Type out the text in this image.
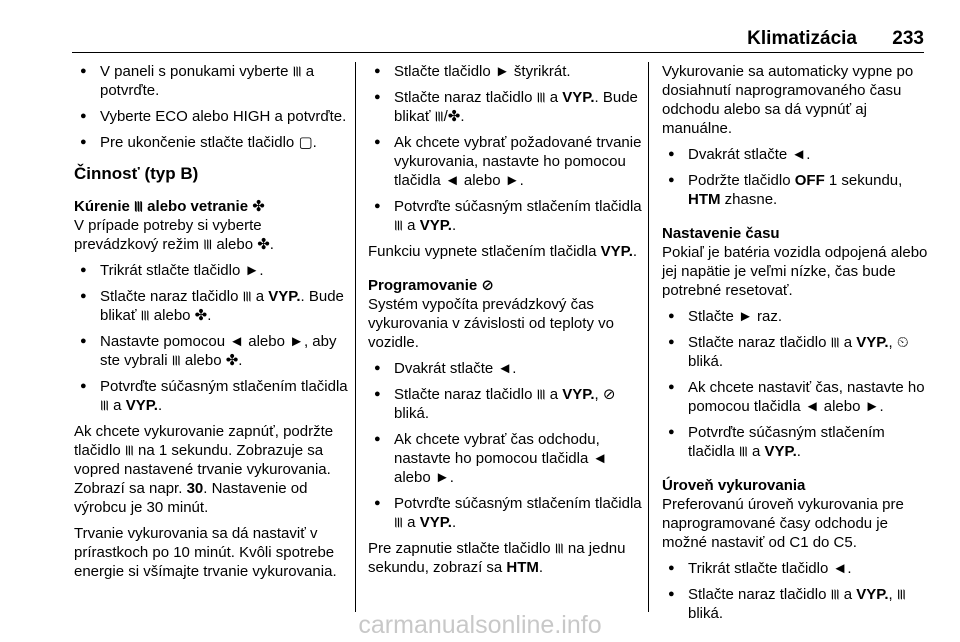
Klimatizácia 233
● V paneli s ponukami vyberte ꠲ a potvrďte.
● Vyberte ECO alebo HIGH a potvrďte.
● Pre ukončenie stlačte tlačidlo ▢.
Činnosť (typ B)
Kúrenie ꠲ alebo vetranie ✤

V prípade potreby si vyberte prevádzkový režim ꠲ alebo ✤.

● Trikrát stlačte tlačidlo ►.
● Stlačte naraz tlačidlo ꠲ a VYP.. Bude blikať ꠲ alebo ✤.
● Nastavte pomocou ◄ alebo ►, aby ste vybrali ꠲ alebo ✤.
● Potvrďte súčasným stlačením tlačidla ꠲ a VYP..

Ak chcete vykurovanie zapnúť, podržte tlačidlo ꠲ na 1 sekundu. Zobrazuje sa vopred nastavené trvanie vykurovania. Zobrazí sa napr. 30. Nastavenie od výrobcu je 30 minút.

Trvanie vykurovania sa dá nastaviť v prírastkoch po 10 minút. Kvôli spotrebe energie si všímajte trvanie vykurovania.

● Stlačte tlačidlo ► štyrikrát.
● Stlačte naraz tlačidlo ꠲ a VYP.. Bude blikať ꠲/✤.
● Ak chcete vybrať požadované trvanie vykurovania, nastavte ho pomocou tlačidla ◄ alebo ►.
● Potvrďte súčasným stlačením tlačidla ꠲ a VYP..

Funkciu vypnete stlačením tlačidla VYP..

Programovanie ⊘

Systém vypočíta prevádzkový čas vykurovania v závislosti od teploty vo vozidle.

● Dvakrát stlačte ◄.
● Stlačte naraz tlačidlo ꠲ a VYP., ⊘ bliká.
● Ak chcete vybrať čas odchodu, nastavte ho pomocou tlačidla ◄ alebo ►.
● Potvrďte súčasným stlačením tlačidla ꠲ a VYP..

Pre zapnutie stlačte tlačidlo ꠲ na jednu sekundu, zobrazí sa HTM.

Vykurovanie sa automaticky vypne po dosiahnutí naprogramovaného času odchodu alebo sa dá vypnúť aj manuálne.

● Dvakrát stlačte ◄.
● Podržte tlačidlo OFF 1 sekundu, HTM zhasne.
Nastavenie času

Pokiaľ je batéria vozidla odpojená alebo jej napätie je veľmi nízke, čas bude potrebné resetovať.

● Stlačte ► raz.
● Stlačte naraz tlačidlo ꠲ a VYP., ⏲ bliká.
● Ak chcete nastaviť čas, nastavte ho pomocou tlačidla ◄ alebo ►.
● Potvrďte súčasným stlačením tlačidla ꠲ a VYP..
Úroveň vykurovania

Preferovanú úroveň vykurovania pre naprogramované časy odchodu je možné nastaviť od C1 do C5.

● Trikrát stlačte tlačidlo ◄.
● Stlačte naraz tlačidlo ꠲ a VYP., ꠲ bliká.
carmanualsonline.info
